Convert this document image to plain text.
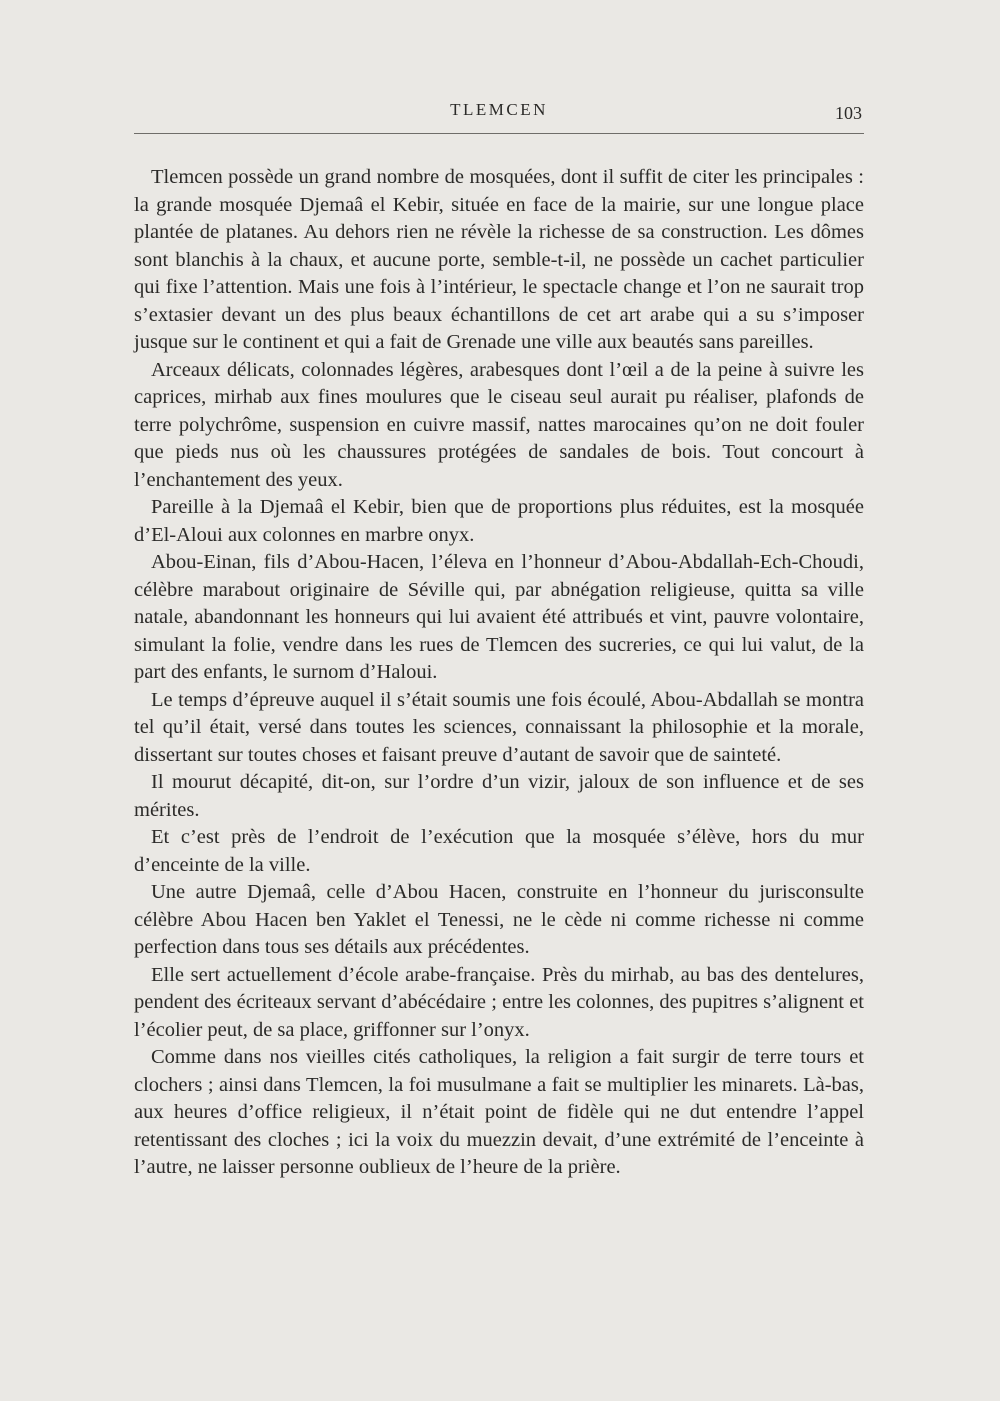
TLEMCEN	103

Tlemcen possède un grand nombre de mosquées, dont il suffit de citer les principales : la grande mosquée Djemaâ el Kebir, située en face de la mairie, sur une longue place plantée de platanes. Au dehors rien ne révèle la richesse de sa construction. Les dômes sont blanchis à la chaux, et aucune porte, semble-t-il, ne possède un cachet particulier qui fixe l’attention. Mais une fois à l’intérieur, le spectacle change et l’on ne saurait trop s’extasier devant un des plus beaux échantillons de cet art arabe qui a su s’imposer jusque sur le continent et qui a fait de Grenade une ville aux beautés sans pareilles.

Arceaux délicats, colonnades légères, arabesques dont l’œil a de la peine à suivre les caprices, mirhab aux fines moulures que le ciseau seul aurait pu réaliser, plafonds de terre polychrôme, suspension en cuivre massif, nattes marocaines qu’on ne doit fouler que pieds nus où les chaussures protégées de sandales de bois. Tout concourt à l’enchantement des yeux.

Pareille à la Djemaâ el Kebir, bien que de proportions plus réduites, est la mosquée d’El-Aloui aux colonnes en marbre onyx.

Abou-Einan, fils d’Abou-Hacen, l’éleva en l’honneur d’Abou-Abdallah-Ech-Choudi, célèbre marabout originaire de Séville qui, par abnégation religieuse, quitta sa ville natale, abandonnant les honneurs qui lui avaient été attribués et vint, pauvre volontaire, simulant la folie, vendre dans les rues de Tlemcen des sucreries, ce qui lui valut, de la part des enfants, le surnom d’Haloui.

Le temps d’épreuve auquel il s’était soumis une fois écoulé, Abou-Abdallah se montra tel qu’il était, versé dans toutes les sciences, connaissant la philosophie et la morale, dissertant sur toutes choses et faisant preuve d’autant de savoir que de sainteté.

Il mourut décapité, dit-on, sur l’ordre d’un vizir, jaloux de son influence et de ses mérites.

Et c’est près de l’endroit de l’exécution que la mosquée s’élève, hors du mur d’enceinte de la ville.

Une autre Djemaâ, celle d’Abou Hacen, construite en l’honneur du jurisconsulte célèbre Abou Hacen ben Yaklet el Tenessi, ne le cède ni comme richesse ni comme perfection dans tous ses détails aux précédentes.

Elle sert actuellement d’école arabe-française. Près du mirhab, au bas des dentelures, pendent des écriteaux servant d’abécédaire ; entre les colonnes, des pupitres s’alignent et l’écolier peut, de sa place, griffonner sur l’onyx.

Comme dans nos vieilles cités catholiques, la religion a fait surgir de terre tours et clochers ; ainsi dans Tlemcen, la foi musulmane a fait se multiplier les minarets. Là-bas, aux heures d’office religieux, il n’était point de fidèle qui ne dut entendre l’appel retentissant des cloches ; ici la voix du muezzin devait, d’une extrémité de l’enceinte à l’autre, ne laisser personne oublieux de l’heure de la prière.
